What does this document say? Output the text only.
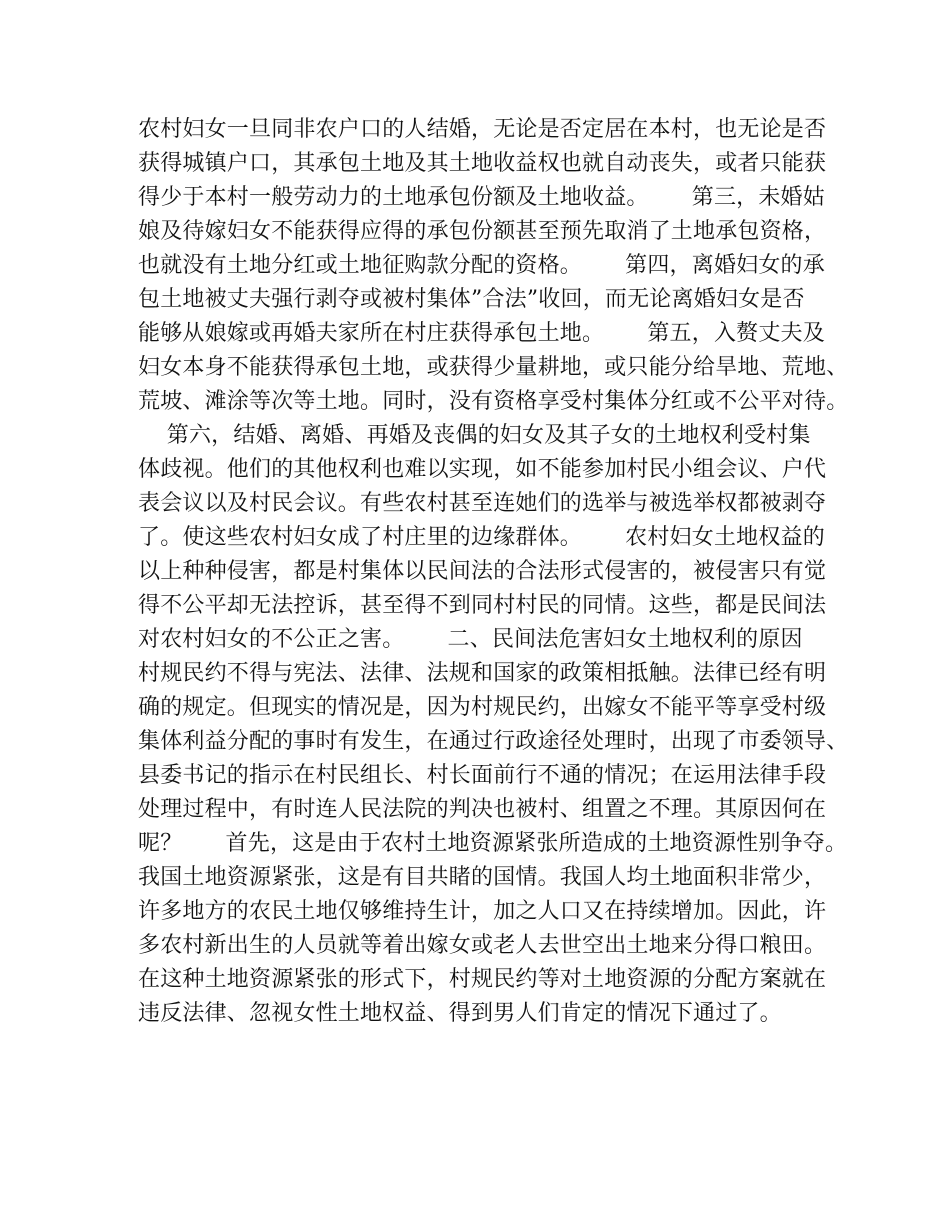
农村妇女一旦同非农户口的人结婚，无论是否定居在本村，也无论是否
获得城镇户口，其承包土地及其土地收益权也就自动丧失，或者只能获
得少于本村一般劳动力的土地承包份额及土地收益。      第三，未婚姑
娘及待嫁妇女不能获得应得的承包份额甚至预先取消了土地承包资格，
也就没有土地分红或土地征购款分配的资格。      第四，离婚妇女的承
包土地被丈夫强行剥夺或被村集体”合法”收回，而无论离婚妇女是否
能够从娘嫁或再婚夫家所在村庄获得承包土地。      第五，入赘丈夫及
妇女本身不能获得承包土地，或获得少量耕地，或只能分给旱地、荒地、
荒坡、滩涂等次等土地。同时，没有资格享受村集体分红或不公平对待。
第六，结婚、离婚、再婚及丧偶的妇女及其子女的土地权利受村集
体歧视。他们的其他权利也难以实现，如不能参加村民小组会议、户代
表会议以及村民会议。有些农村甚至连她们的选举与被选举权都被剥夺
了。使这些农村妇女成了村庄里的边缘群体。      农村妇女土地权益的
以上种种侵害，都是村集体以民间法的合法形式侵害的，被侵害只有觉
得不公平却无法控诉，甚至得不到同村村民的同情。这些，都是民间法
对农村妇女的不公正之害。      二、民间法危害妇女土地权利的原因
村规民约不得与宪法、法律、法规和国家的政策相抵触。法律已经有明
确的规定。但现实的情况是，因为村规民约，出嫁女不能平等享受村级
集体利益分配的事时有发生，在通过行政途径处理时，出现了市委领导、
县委书记的指示在村民组长、村长面前行不通的情况；在运用法律手段
处理过程中，有时连人民法院的判决也被村、组置之不理。其原因何在
呢？      首先，这是由于农村土地资源紧张所造成的土地资源性别争夺。
我国土地资源紧张，这是有目共睹的国情。我国人均土地面积非常少，
许多地方的农民土地仅够维持生计，加之人口又在持续增加。因此，许
多农村新出生的人员就等着出嫁女或老人去世空出土地来分得口粮田。
在这种土地资源紧张的形式下，村规民约等对土地资源的分配方案就在
违反法律、忽视女性土地权益、得到男人们肯定的情况下通过了。
